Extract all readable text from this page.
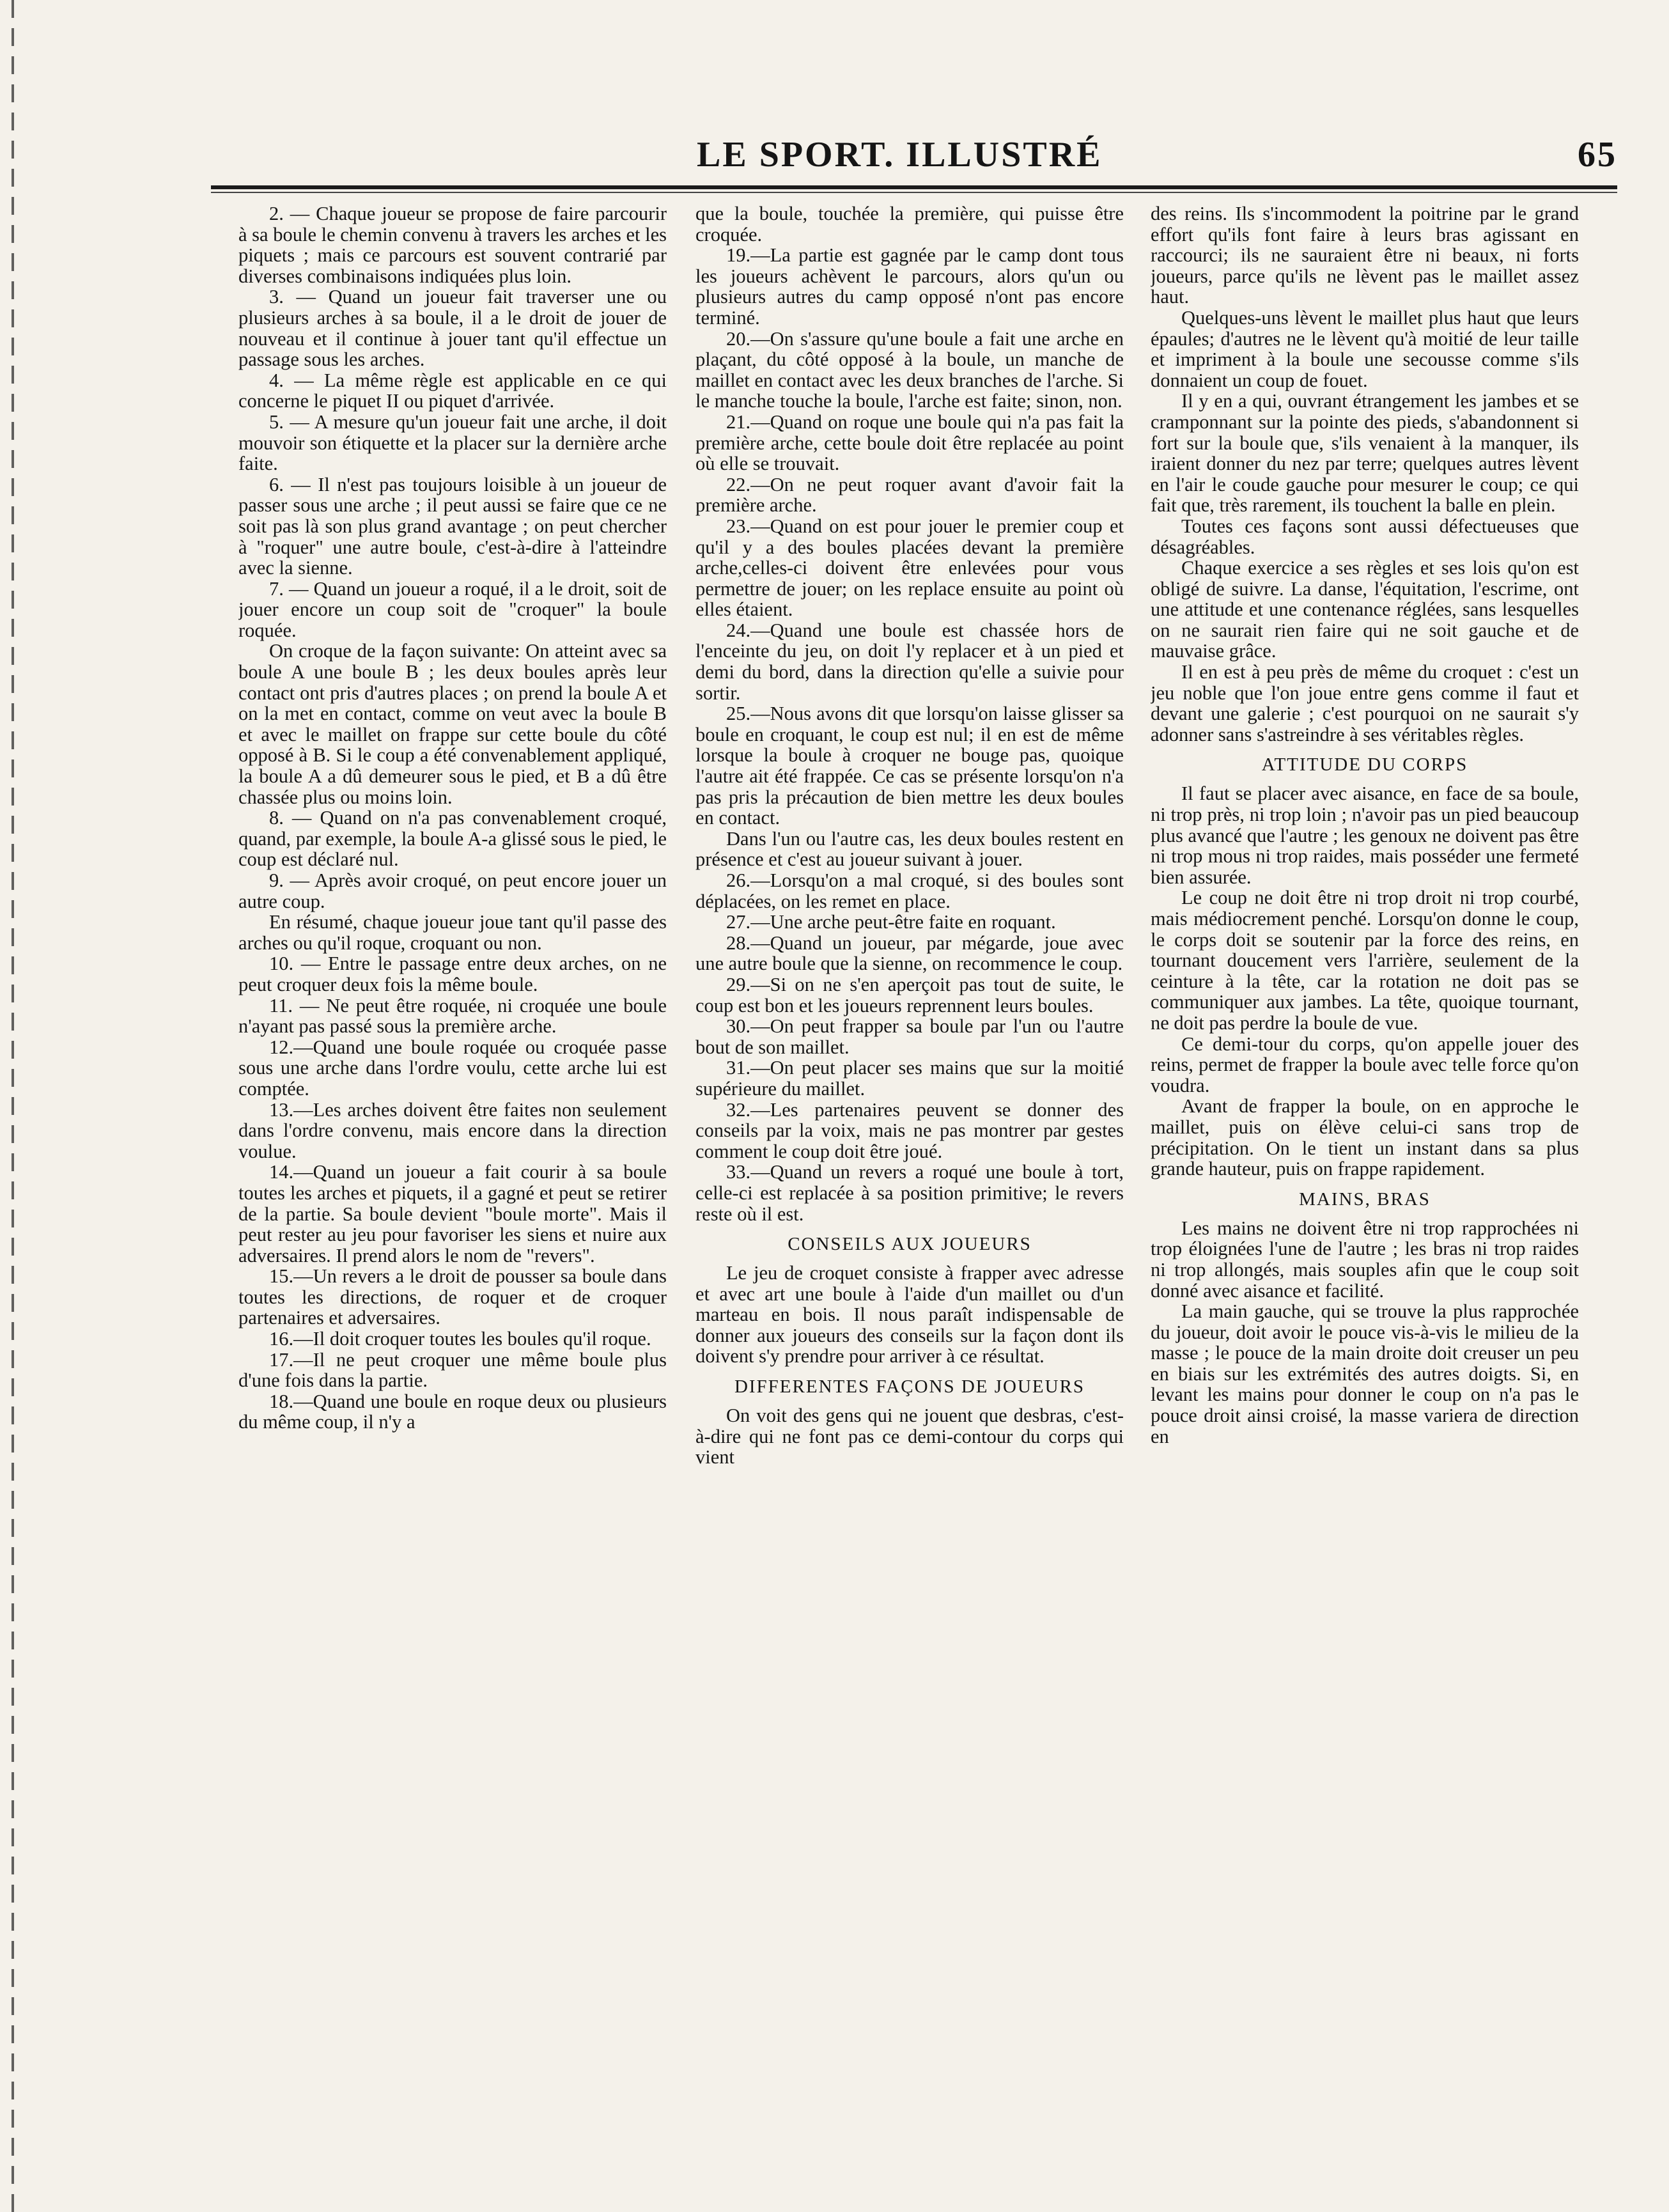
LE SPORT. ILLUSTRÉ	65

2. — Chaque joueur se propose de faire parcourir à sa boule le chemin convenu à travers les arches et les piquets ; mais ce parcours est souvent contrarié par diverses combinaisons indiquées plus loin.

3. — Quand un joueur fait traverser une ou plusieurs arches à sa boule, il a le droit de jouer de nouveau et il continue à jouer tant qu'il effectue un passage sous les arches.

4. — La même règle est applicable en ce qui concerne le piquet II ou piquet d'arrivée.

5. — A mesure qu'un joueur fait une arche, il doit mouvoir son étiquette et la placer sur la dernière arche faite.

6. — Il n'est pas toujours loisible à un joueur de passer sous une arche ; il peut aussi se faire que ce ne soit pas là son plus grand avantage ; on peut chercher à "roquer" une autre boule, c'est-à-dire à l'atteindre avec la sienne.

7. — Quand un joueur a roqué, il a le droit, soit de jouer encore un coup soit de "croquer" la boule roquée.

On croque de la façon suivante: On atteint avec sa boule A une boule B ; les deux boules après leur contact ont pris d'autres places ; on prend la boule A et on la met en contact, comme on veut avec la boule B et avec le maillet on frappe sur cette boule du côté opposé à B. Si le coup a été convenablement appliqué, la boule A a dû demeurer sous le pied, et B a dû être chassée plus ou moins loin.

8. — Quand on n'a pas convenablement croqué, quand, par exemple, la boule A-a glissé sous le pied, le coup est déclaré nul.

9. — Après avoir croqué, on peut encore jouer un autre coup.

En résumé, chaque joueur joue tant qu'il passe des arches ou qu'il roque, croquant ou non.

10. — Entre le passage entre deux arches, on ne peut croquer deux fois la même boule.

11. — Ne peut être roquée, ni croquée une boule n'ayant pas passé sous la première arche.

12.—Quand une boule roquée ou croquée passe sous une arche dans l'ordre voulu, cette arche lui est comptée.

13.—Les arches doivent être faites non seulement dans l'ordre convenu, mais encore dans la direction voulue.

14.—Quand un joueur a fait courir à sa boule toutes les arches et piquets, il a gagné et peut se retirer de la partie. Sa boule devient "boule morte". Mais il peut rester au jeu pour favoriser les siens et nuire aux adversaires. Il prend alors le nom de "revers".

15.—Un revers a le droit de pousser sa boule dans toutes les directions, de roquer et de croquer partenaires et adversaires.

16.—Il doit croquer toutes les boules qu'il roque.

17.—Il ne peut croquer une même boule plus d'une fois dans la partie.

18.—Quand une boule en roque deux ou plusieurs du même coup, il n'y a

que la boule, touchée la première, qui puisse être croquée.

19.—La partie est gagnée par le camp dont tous les joueurs achèvent le parcours, alors qu'un ou plusieurs autres du camp opposé n'ont pas encore terminé.

20.—On s'assure qu'une boule a fait une arche en plaçant, du côté opposé à la boule, un manche de maillet en contact avec les deux branches de l'arche. Si le manche touche la boule, l'arche est faite; sinon, non.

21.—Quand on roque une boule qui n'a pas fait la première arche, cette boule doit être replacée au point où elle se trouvait.

22.—On ne peut roquer avant d'avoir fait la première arche.

23.—Quand on est pour jouer le premier coup et qu'il y a des boules placées devant la première arche,celles-ci doivent être enlevées pour vous permettre de jouer; on les replace ensuite au point où elles étaient.

24.—Quand une boule est chassée hors de l'enceinte du jeu, on doit l'y replacer et à un pied et demi du bord, dans la direction qu'elle a suivie pour sortir.

25.—Nous avons dit que lorsqu'on laisse glisser sa boule en croquant, le coup est nul; il en est de même lorsque la boule à croquer ne bouge pas, quoique l'autre ait été frappée. Ce cas se présente lorsqu'on n'a pas pris la précaution de bien mettre les deux boules en contact.

Dans l'un ou l'autre cas, les deux boules restent en présence et c'est au joueur suivant à jouer.

26.—Lorsqu'on a mal croqué, si des boules sont déplacées, on les remet en place.

27.—Une arche peut-être faite en roquant.

28.—Quand un joueur, par mégarde, joue avec une autre boule que la sienne, on recommence le coup.

29.—Si on ne s'en aperçoit pas tout de suite, le coup est bon et les joueurs reprennent leurs boules.

30.—On peut frapper sa boule par l'un ou l'autre bout de son maillet.

31.—On peut placer ses mains que sur la moitié supérieure du maillet.

32.—Les partenaires peuvent se donner des conseils par la voix, mais ne pas montrer par gestes comment le coup doit être joué.

33.—Quand un revers a roqué une boule à tort, celle-ci est replacée à sa position primitive; le revers reste où il est.

CONSEILS AUX JOUEURS

Le jeu de croquet consiste à frapper avec adresse et avec art une boule à l'aide d'un maillet ou d'un marteau en bois. Il nous paraît indispensable de donner aux joueurs des conseils sur la façon dont ils doivent s'y prendre pour arriver à ce résultat.

DIFFERENTES FAÇONS DE JOUEURS

On voit des gens qui ne jouent que desbras, c'est-à-dire qui ne font pas ce demi-contour du corps qui vient

des reins. Ils s'incommodent la poitrine par le grand effort qu'ils font faire à leurs bras agissant en raccourci; ils ne sauraient être ni beaux, ni forts joueurs, parce qu'ils ne lèvent pas le maillet assez haut.

Quelques-uns lèvent le maillet plus haut que leurs épaules; d'autres ne le lèvent qu'à moitié de leur taille et impriment à la boule une secousse comme s'ils donnaient un coup de fouet.

Il y en a qui, ouvrant étrangement les jambes et se cramponnant sur la pointe des pieds, s'abandonnent si fort sur la boule que, s'ils venaient à la manquer, ils iraient donner du nez par terre; quelques autres lèvent en l'air le coude gauche pour mesurer le coup; ce qui fait que, très rarement, ils touchent la balle en plein.

Toutes ces façons sont aussi défectueuses que désagréables.

Chaque exercice a ses règles et ses lois qu'on est obligé de suivre. La danse, l'équitation, l'escrime, ont une attitude et une contenance réglées, sans lesquelles on ne saurait rien faire qui ne soit gauche et de mauvaise grâce.

Il en est à peu près de même du croquet : c'est un jeu noble que l'on joue entre gens comme il faut et devant une galerie ; c'est pourquoi on ne saurait s'y adonner sans s'astreindre à ses véritables règles.

ATTITUDE DU CORPS

Il faut se placer avec aisance, en face de sa boule, ni trop près, ni trop loin ; n'avoir pas un pied beaucoup plus avancé que l'autre ; les genoux ne doivent pas être ni trop mous ni trop raides, mais posséder une fermeté bien assurée.

Le coup ne doit être ni trop droit ni trop courbé, mais médiocrement penché. Lorsqu'on donne le coup, le corps doit se soutenir par la force des reins, en tournant doucement vers l'arrière, seulement de la ceinture à la tête, car la rotation ne doit pas se communiquer aux jambes. La tête, quoique tournant, ne doit pas perdre la boule de vue.

Ce demi-tour du corps, qu'on appelle jouer des reins, permet de frapper la boule avec telle force qu'on voudra.

Avant de frapper la boule, on en approche le maillet, puis on élève celui-ci sans trop de précipitation. On le tient un instant dans sa plus grande hauteur, puis on frappe rapidement.

MAINS, BRAS

Les mains ne doivent être ni trop rapprochées ni trop éloignées l'une de l'autre ; les bras ni trop raides ni trop allongés, mais souples afin que le coup soit donné avec aisance et facilité.

La main gauche, qui se trouve la plus rapprochée du joueur, doit avoir le pouce vis-à-vis le milieu de la masse ; le pouce de la main droite doit creuser un peu en biais sur les extrémités des autres doigts. Si, en levant les mains pour donner le coup on n'a pas le pouce droit ainsi croisé, la masse variera de direction en
